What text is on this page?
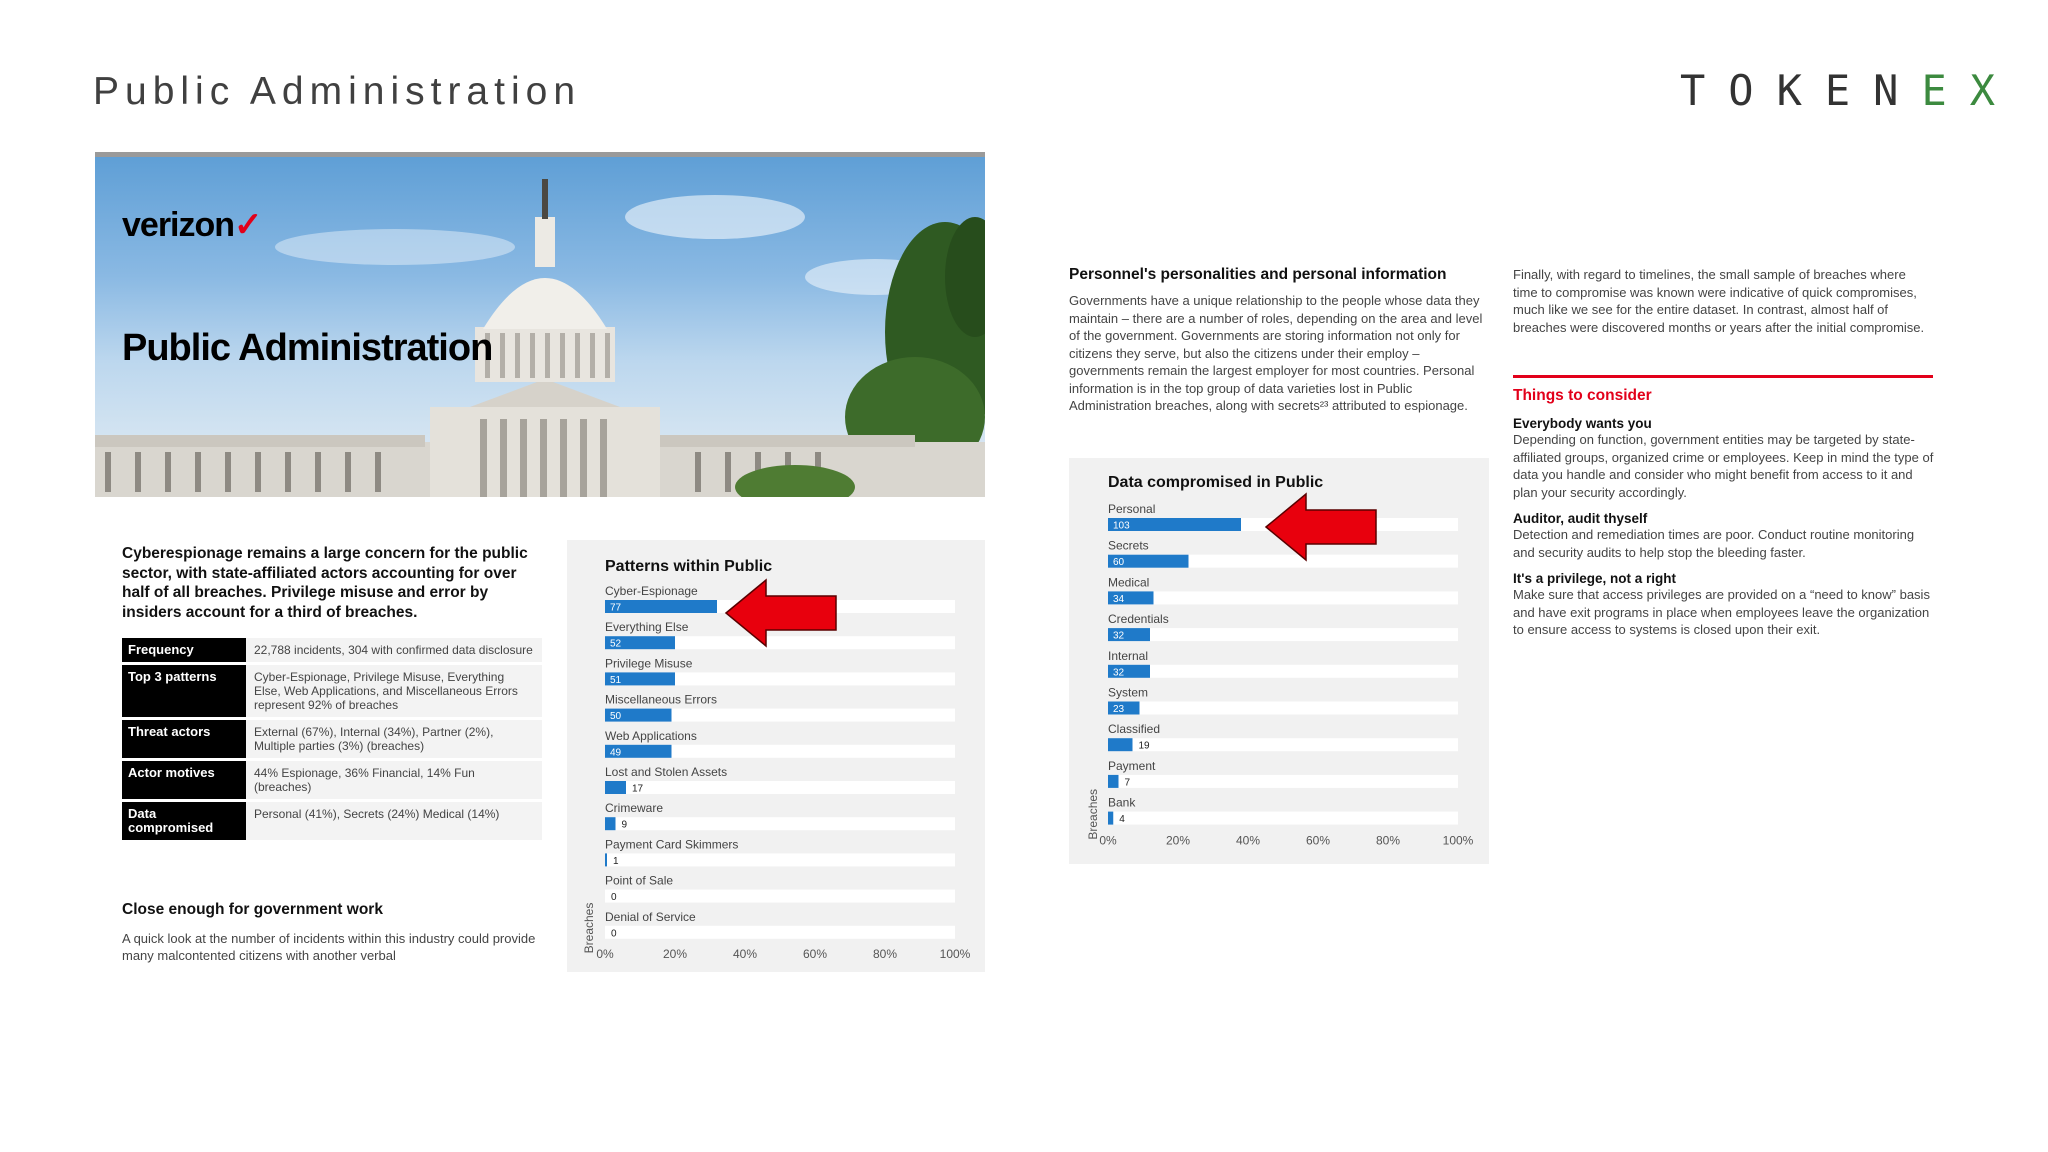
Public Administration	TOKENEX
verizon✓
Public Administration
Cyberespionage remains a large concern for the public sector, with state-affiliated actors accounting for over half of all breaches. Privilege misuse and error by insiders account for a third of breaches.
Frequency	22,788 incidents, 304 with confirmed data disclosure
Top 3 patterns	Cyber-Espionage, Privilege Misuse, Everything Else, Web Applications, and Miscellaneous Errors represent 92% of breaches
Threat actors	External (67%), Internal (34%), Partner (2%), Multiple parties (3%) (breaches)
Actor motives	44% Espionage, 36% Financial, 14% Fun (breaches)
Data compromised	Personal (41%), Secrets (24%) Medical (14%)
Close enough for government work
A quick look at the number of incidents within this industry could provide many malcontented citizens with another verbal
Patterns within Public
Cyber-Espionage
77
Everything Else
52
Privilege Misuse
51
Miscellaneous Errors
50
Web Applications
49
Lost and Stolen Assets
17
Crimeware
9
Payment Card Skimmers
1
Point of Sale
0
Denial of Service
0
0%	20%	40%	60%	80%	100%
Breaches
Data compromised in Public
Personal
103
Secrets
60
Medical
34
Credentials
32
Internal
32
System
23
Classified
19
Payment
7
Bank
4
0%	20%	40%	60%	80%	100%
Breaches
Personnel's personalities and personal information

Governments have a unique relationship to the people whose data they maintain – there are a number of roles, depending on the area and level of the government. Governments are storing information not only for citizens they serve, but also the citizens under their employ – governments remain the largest employer for most countries. Personal information is in the top group of data varieties lost in Public Administration breaches, along with secrets²³ attributed to espionage.

Finally, with regard to timelines, the small sample of breaches where time to compromise was known were indicative of quick compromises, much like we see for the entire dataset. In contrast, almost half of breaches were discovered months or years after the initial compromise.

Things to consider
Everybody wants you

Depending on function, government entities may be targeted by state-affiliated groups, organized crime or employees. Keep in mind the type of data you handle and consider who might benefit from access to it and plan your security accordingly.

Auditor, audit thyself

Detection and remediation times are poor. Conduct routine monitoring and security audits to help stop the bleeding faster.

It's a privilege, not a right

Make sure that access privileges are provided on a “need to know” basis and have exit programs in place when employees leave the organization to ensure access to systems is closed upon their exit.
